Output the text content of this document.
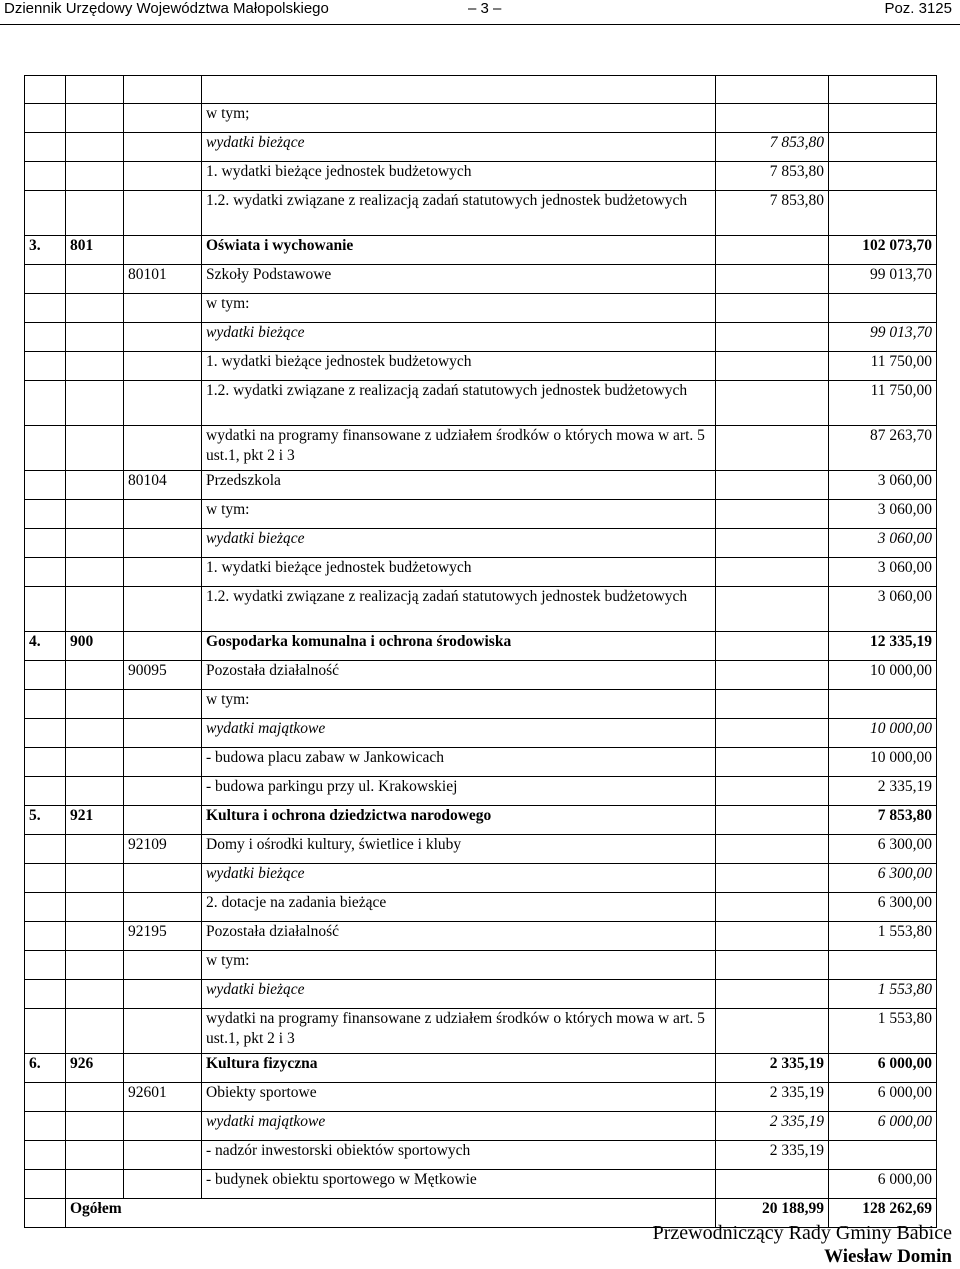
Dziennik Urzędowy Województwa Małopolskiego	– 3 –	Poz. 3125

			w tym;		
			wydatki bieżące	7 853,80	
			1. wydatki bieżące jednostek budżetowych	7 853,80	
			1.2. wydatki związane z realizacją zadań statutowych jednostek budżetowych	7 853,80	
3.	801		Oświata i wychowanie		102 073,70
		80101	Szkoły Podstawowe		99 013,70
			w tym:		
			wydatki bieżące		99 013,70
			1. wydatki bieżące jednostek budżetowych		11 750,00
			1.2. wydatki związane z realizacją zadań statutowych jednostek budżetowych		11 750,00
			wydatki na programy finansowane z udziałem środków o których mowa w art. 5 ust.1, pkt 2 i 3		87 263,70
		80104	Przedszkola		3 060,00
			w tym:		3 060,00
			wydatki bieżące		3 060,00
			1. wydatki bieżące jednostek budżetowych		3 060,00
			1.2. wydatki związane z realizacją zadań statutowych jednostek budżetowych		3 060,00
4.	900		Gospodarka komunalna i ochrona środowiska		12 335,19
		90095	Pozostała działalność		10 000,00
			w tym:		
			wydatki majątkowe		10 000,00
			- budowa placu zabaw w Jankowicach		10 000,00
			- budowa parkingu przy ul. Krakowskiej		2 335,19
5.	921		Kultura i ochrona dziedzictwa narodowego		7 853,80
		92109	Domy i ośrodki kultury, świetlice i kluby		6 300,00
			wydatki bieżące		6 300,00
			2. dotacje na zadania bieżące		6 300,00
		92195	Pozostała działalność		1 553,80
			w tym:		
			wydatki bieżące		1 553,80
			wydatki na programy finansowane z udziałem środków o których mowa w art. 5 ust.1, pkt 2 i 3		1 553,80
6.	926		Kultura fizyczna	2 335,19	6 000,00
		92601	Obiekty sportowe	2 335,19	6 000,00
			wydatki majątkowe	2 335,19	6 000,00
			- nadzór inwestorski obiektów sportowych	2 335,19	
			- budynek obiektu sportowego w Mętkowie		6 000,00
	Ogółem			20 188,99	128 262,69
Przewodniczący Rady Gminy Babice
Wiesław Domin
